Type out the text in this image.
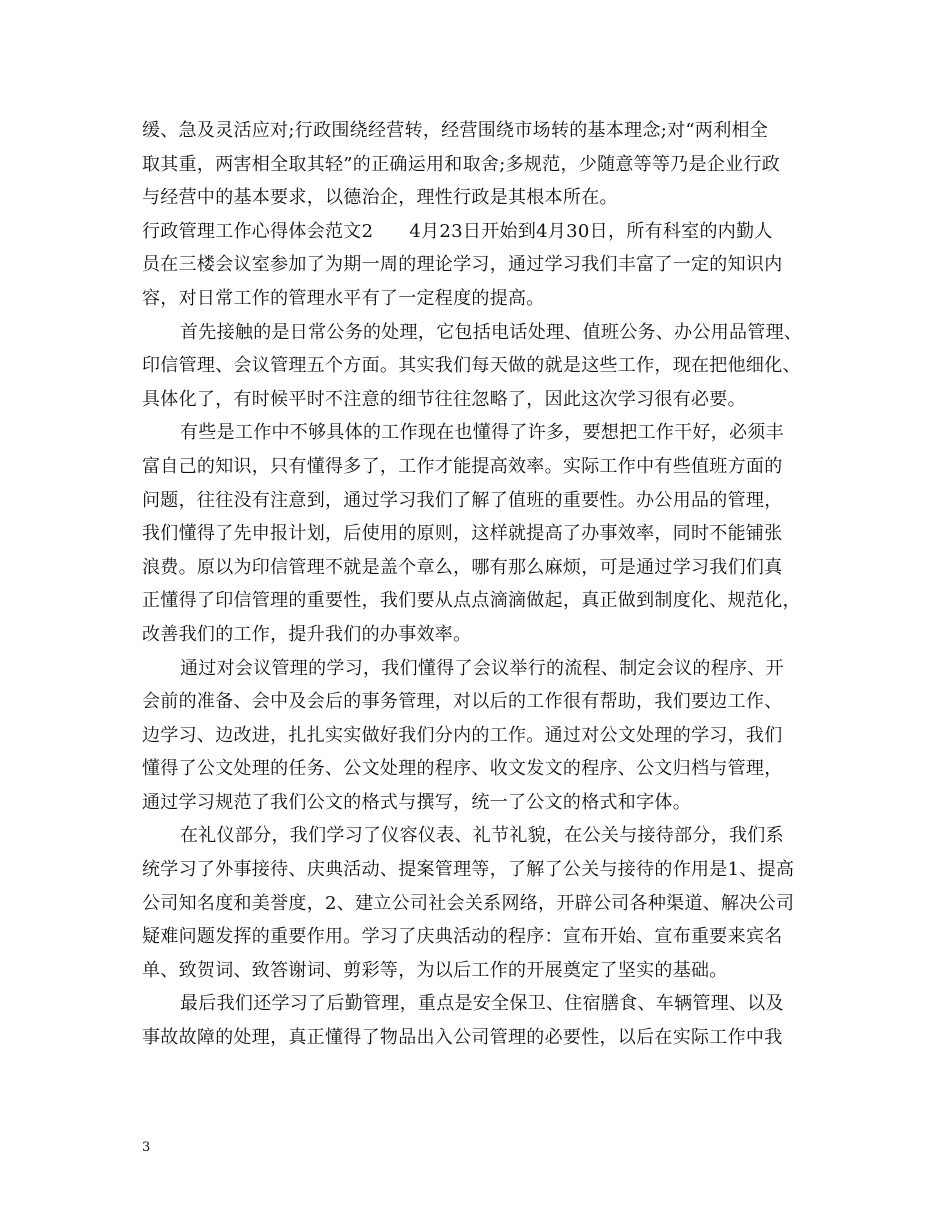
缓、急及灵活应对;行政围绕经营转，经营围绕市场转的基本理念;对“两利相全
取其重，两害相全取其轻”的正确运用和取舍;多规范，少随意等等乃是企业行政
与经营中的基本要求，以德治企，理性行政是其根本所在。
行政管理工作心得体会范文2 4月23日开始到4月30日，所有科室的内勤人
员在三楼会议室参加了为期一周的理论学习，通过学习我们丰富了一定的知识内
容，对日常工作的管理水平有了一定程度的提高。
首先接触的是日常公务的处理，它包括电话处理、值班公务、办公用品管理、
印信管理、会议管理五个方面。其实我们每天做的就是这些工作，现在把他细化、
具体化了，有时候平时不注意的细节往往忽略了，因此这次学习很有必要。
有些是工作中不够具体的工作现在也懂得了许多，要想把工作干好，必须丰
富自己的知识，只有懂得多了，工作才能提高效率。实际工作中有些值班方面的
问题，往往没有注意到，通过学习我们了解了值班的重要性。办公用品的管理，
我们懂得了先申报计划，后使用的原则，这样就提高了办事效率，同时不能铺张
浪费。原以为印信管理不就是盖个章么，哪有那么麻烦，可是通过学习我们们真
正懂得了印信管理的重要性，我们要从点点滴滴做起，真正做到制度化、规范化，
改善我们的工作，提升我们的办事效率。
通过对会议管理的学习，我们懂得了会议举行的流程、制定会议的程序、开
会前的准备、会中及会后的事务管理，对以后的工作很有帮助，我们要边工作、
边学习、边改进，扎扎实实做好我们分内的工作。通过对公文处理的学习，我们
懂得了公文处理的任务、公文处理的程序、收文发文的程序、公文归档与管理，
通过学习规范了我们公文的格式与撰写，统一了公文的格式和字体。
在礼仪部分，我们学习了仪容仪表、礼节礼貌，在公关与接待部分，我们系
统学习了外事接待、庆典活动、提案管理等，了解了公关与接待的作用是1、提高
公司知名度和美誉度，2、建立公司社会关系网络，开辟公司各种渠道、解决公司
疑难问题发挥的重要作用。学习了庆典活动的程序：宣布开始、宣布重要来宾名
单、致贺词、致答谢词、剪彩等，为以后工作的开展奠定了坚实的基础。
最后我们还学习了后勤管理，重点是安全保卫、住宿膳食、车辆管理、以及
事故故障的处理，真正懂得了物品出入公司管理的必要性，以后在实际工作中我
3
